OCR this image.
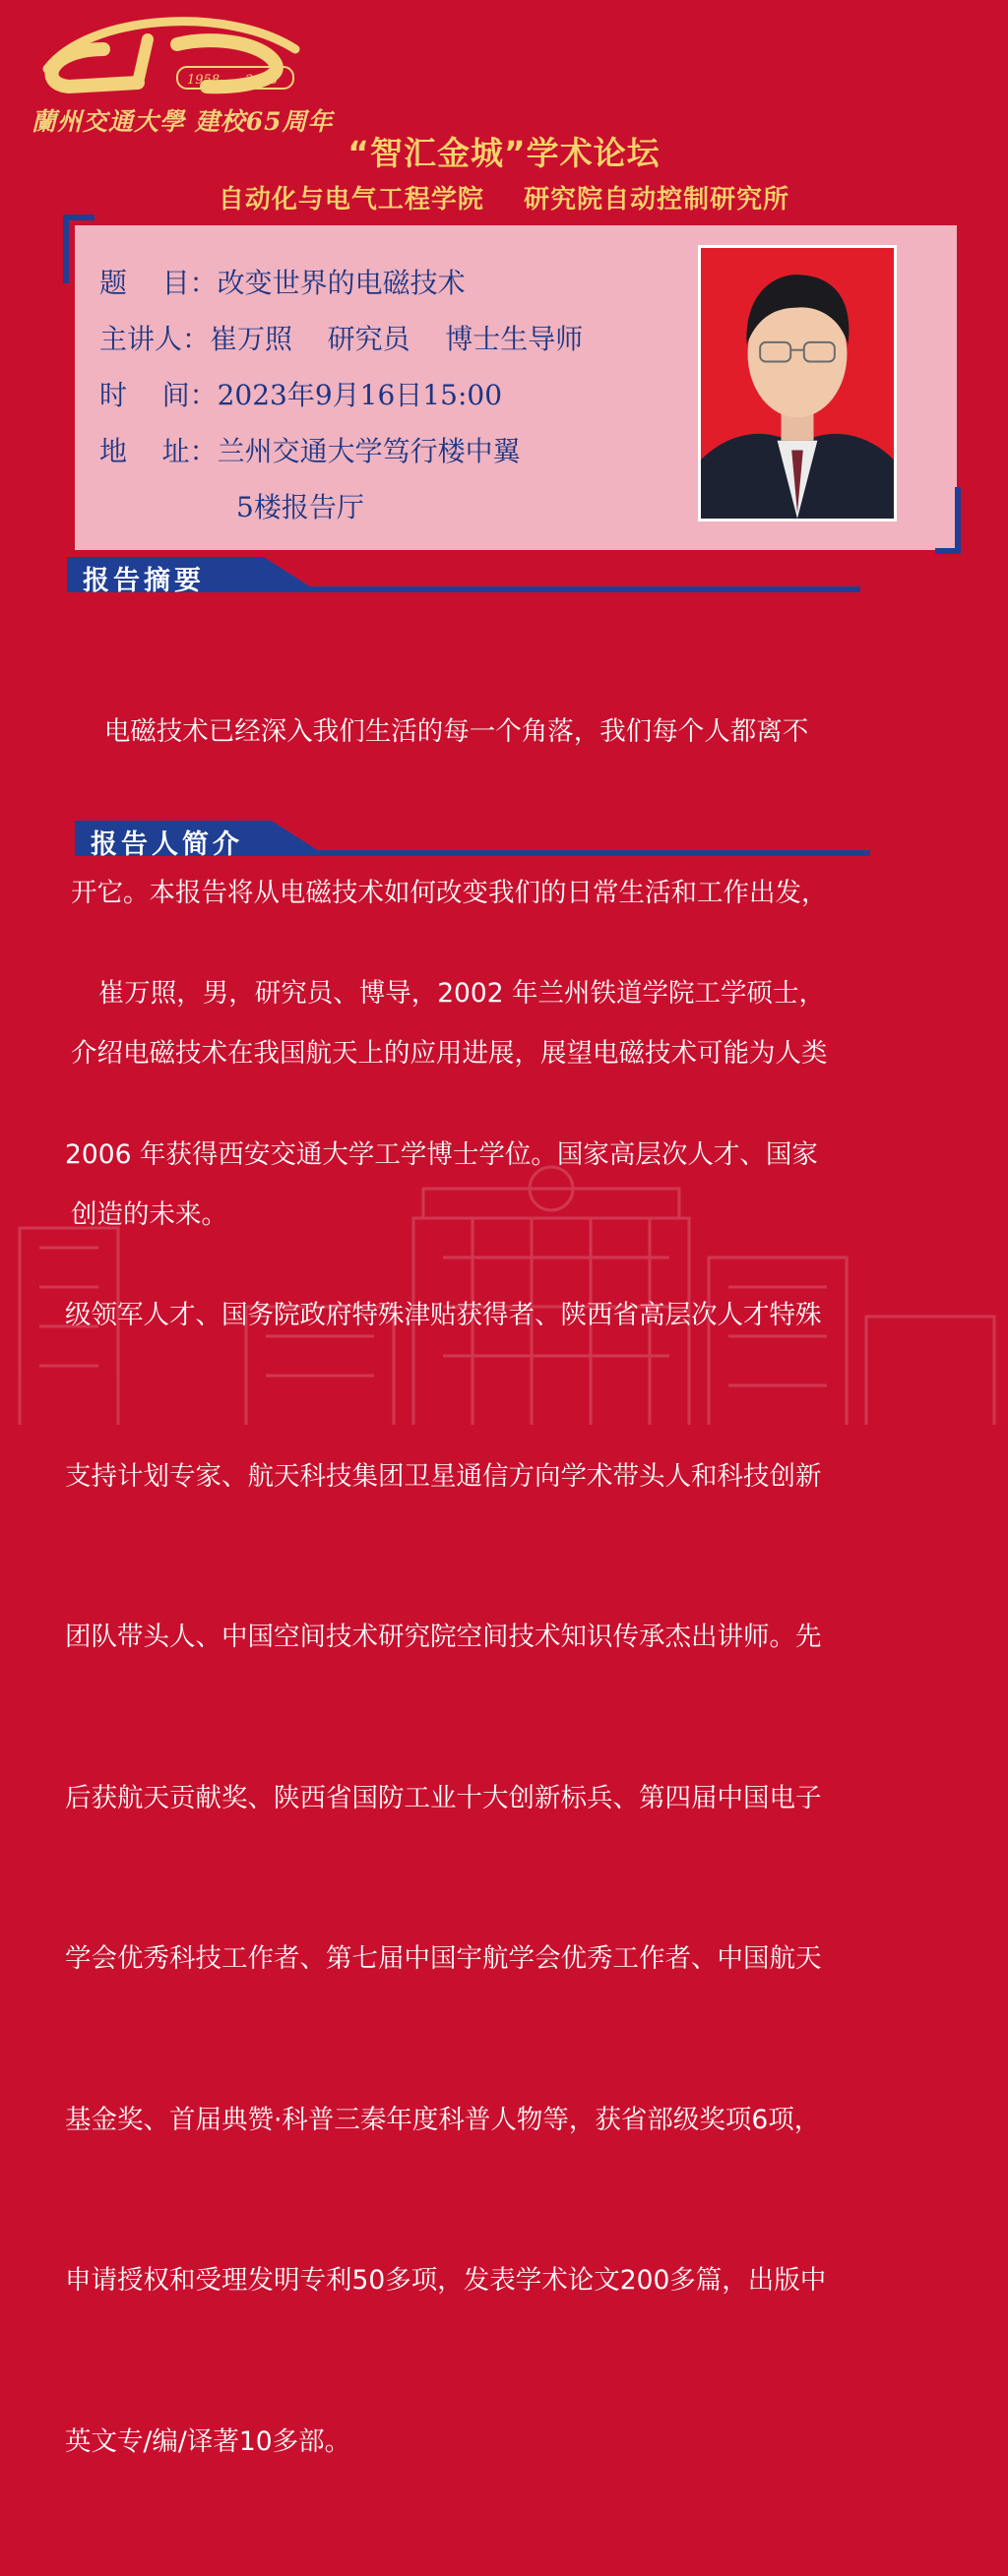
1958——2023
蘭州交通大學 建校65周年
“智汇金城”学术论坛
自动化与电气工程学院    研究院自动控制研究所
题    目：改变世界的电磁技术
主讲人：崔万照    研究员    博士生导师
时    间：2023年9月16日15:00
地    址：兰州交通大学笃行楼中翼
5楼报告厅
报告摘要

电磁技术已经深入我们生活的每一个角落，我们每个人都离不

开它。本报告将从电磁技术如何改变我们的日常生活和工作出发，

介绍电磁技术在我国航天上的应用进展，展望电磁技术可能为人类

创造的未来。

报告人简介

崔万照，男，研究员、博导，2002 年兰州铁道学院工学硕士，

2006 年获得西安交通大学工学博士学位。国家高层次人才、国家

级领军人才、国务院政府特殊津贴获得者、陕西省高层次人才特殊

支持计划专家、航天科技集团卫星通信方向学术带头人和科技创新

团队带头人、中国空间技术研究院空间技术知识传承杰出讲师。先

后获航天贡献奖、陕西省国防工业十大创新标兵、第四届中国电子

学会优秀科技工作者、第七届中国宇航学会优秀工作者、中国航天

基金奖、首届典赞·科普三秦年度科普人物等，获省部级奖项6项，

申请授权和受理发明专利50多项，发表学术论文200多篇，出版中

英文专/编/译著10多部。
